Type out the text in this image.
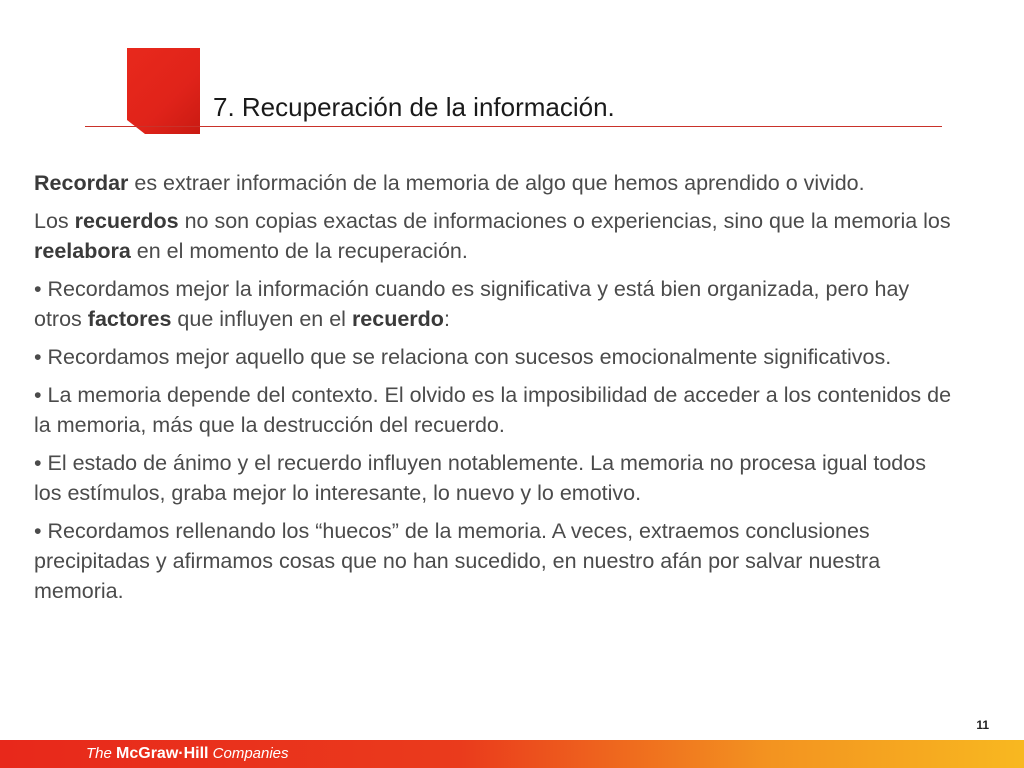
7. Recuperación de la información.

Recordar es extraer información de la memoria de algo que hemos aprendido o vivido.

Los recuerdos no son copias exactas de informaciones o experiencias, sino que la memoria los reelabora en el momento de la recuperación.

• Recordamos mejor la información cuando es significativa y está bien organizada, pero hay otros factores que influyen en el recuerdo:

• Recordamos mejor aquello que se relaciona con sucesos emocionalmente significativos.

• La memoria depende del contexto. El olvido es la imposibilidad de acceder a los contenidos de la memoria, más que la destrucción del recuerdo.

• El estado de ánimo y el recuerdo influyen notablemente. La memoria no procesa igual todos los estímulos, graba mejor lo interesante, lo nuevo y lo emotivo.

• Recordamos rellenando los “huecos” de la memoria. A veces, extraemos conclusiones precipitadas y afirmamos cosas que no han sucedido, en nuestro afán por salvar nuestra memoria.

11
The McGraw·Hill Companies
